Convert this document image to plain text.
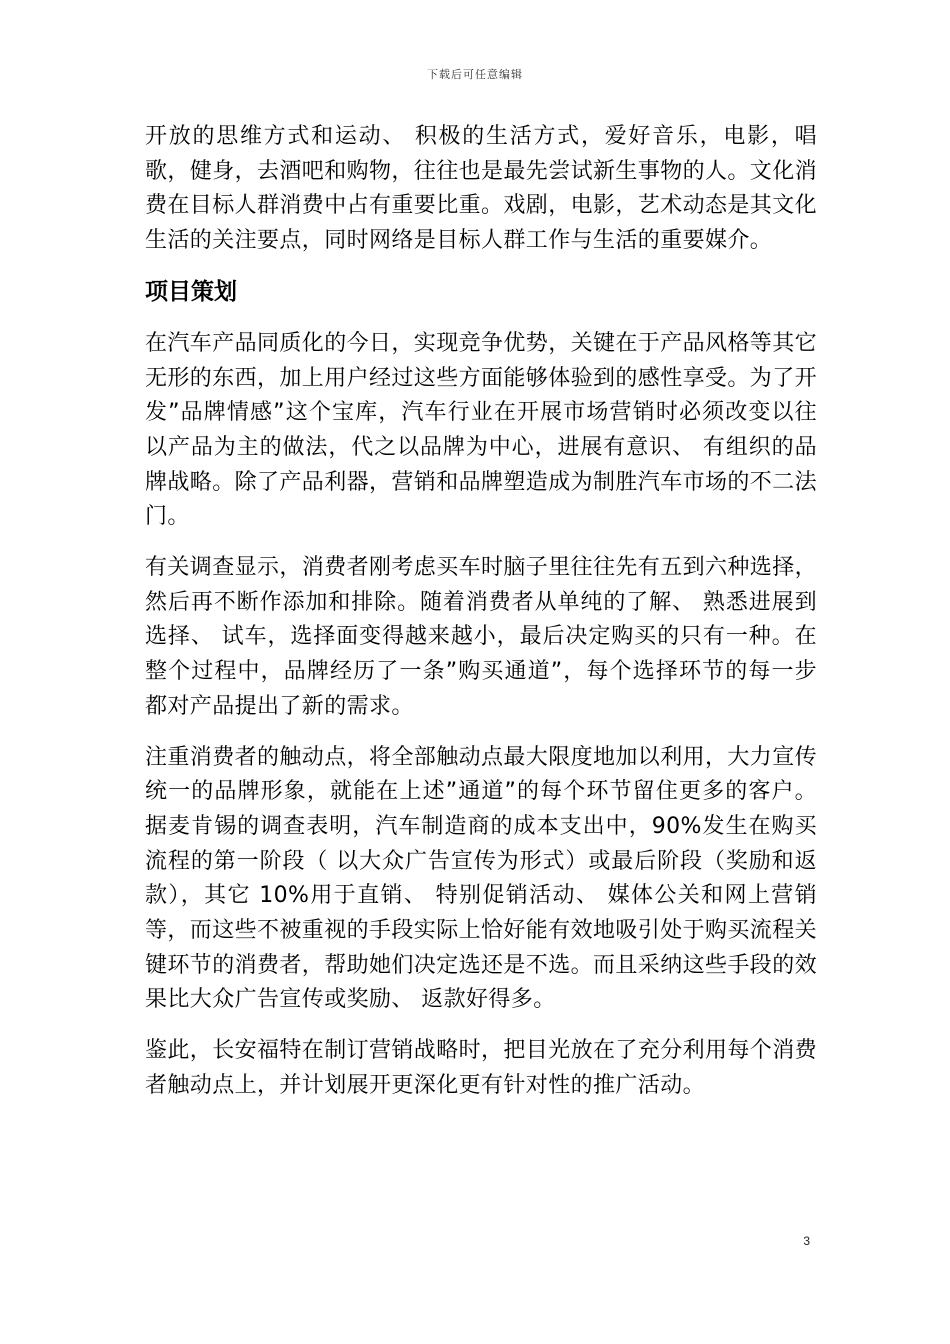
下载后可任意编辑

开放的思维方式和运动、 积极的生活方式，爱好音乐，电影，唱歌，健身，去酒吧和购物，往往也是最先尝试新生事物的人。文化消费在目标人群消费中占有重要比重。戏剧，电影，艺术动态是其文化生活的关注要点，同时网络是目标人群工作与生活的重要媒介。

项目策划

在汽车产品同质化的今日，实现竞争优势，关键在于产品风格等其它无形的东西，加上用户经过这些方面能够体验到的感性享受。为了开发”品牌情感”这个宝库，汽车行业在开展市场营销时必须改变以往以产品为主的做法，代之以品牌为中心，进展有意识、 有组织的品牌战略。除了产品利器，营销和品牌塑造成为制胜汽车市场的不二法门。

有关调查显示，消费者刚考虑买车时脑子里往往先有五到六种选择，然后再不断作添加和排除。随着消费者从单纯的了解、 熟悉进展到选择、 试车，选择面变得越来越小，最后决定购买的只有一种。在整个过程中，品牌经历了一条”购买通道”，每个选择环节的每一步都对产品提出了新的需求。

注重消费者的触动点，将全部触动点最大限度地加以利用，大力宣传统一的品牌形象，就能在上述”通道”的每个环节留住更多的客户。据麦肯锡的调查表明，汽车制造商的成本支出中，90%发生在购买流程的第一阶段（ 以大众广告宣传为形式）或最后阶段（奖励和返款），其它 10%用于直销、 特别促销活动、 媒体公关和网上营销等，而这些不被重视的手段实际上恰好能有效地吸引处于购买流程关键环节的消费者，帮助她们决定选还是不选。而且采纳这些手段的效果比大众广告宣传或奖励、 返款好得多。

鉴此，长安福特在制订营销战略时，把目光放在了充分利用每个消费者触动点上，并计划展开更深化更有针对性的推广活动。

3
